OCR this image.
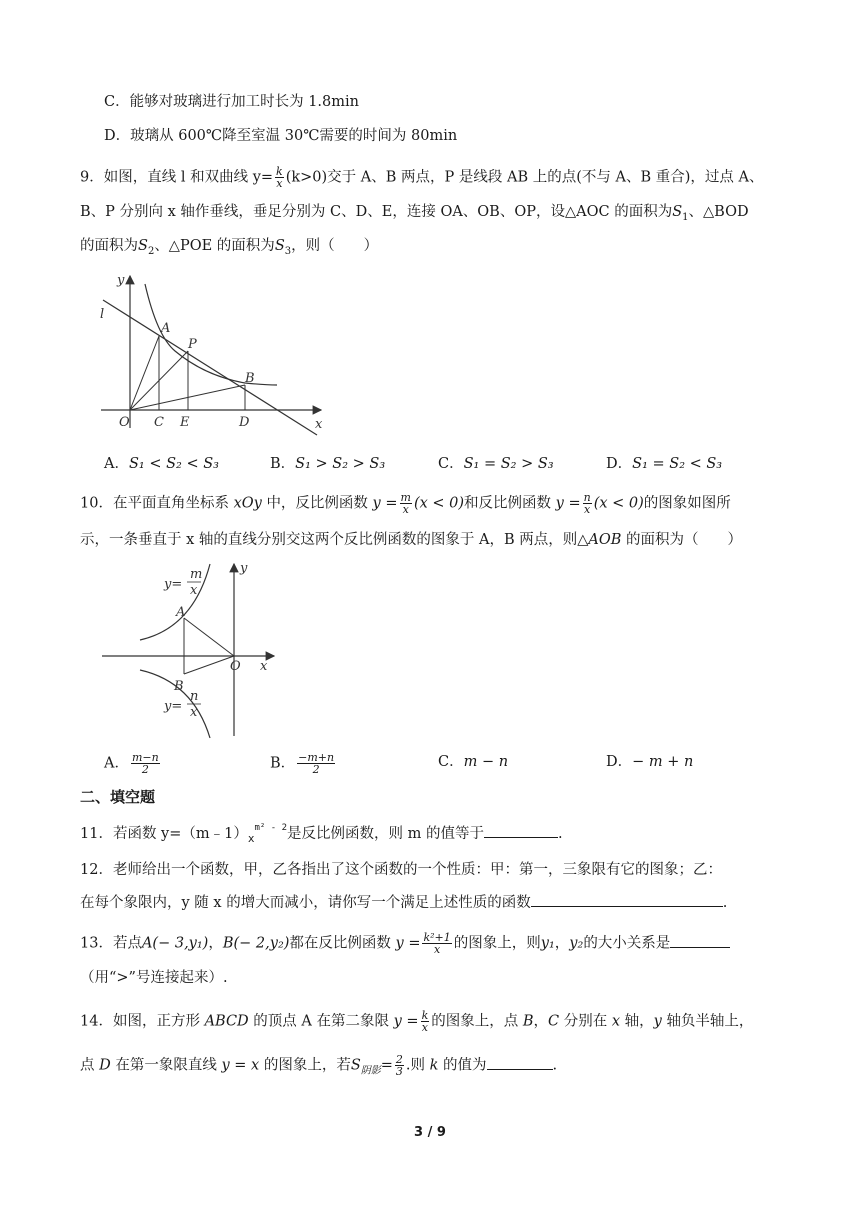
C．能够对玻璃进行加工时长为 1.8min
D．玻璃从 600℃降至室温 30℃需要的时间为 80min
9．如图，直线 l 和双曲线 $y= \frac{k}{x} (k>0)$交于 A、B 两点，P 是线段 AB 上的点(不与 A、B 重合)，过点 A、
B、P 分别向 x 轴作垂线，垂足分别为 C、D、E，连接 OA、OB、OP，设△AOC 的面积为$S_1$、△BOD
的面积为$S_2$、△POE 的面积为$S_3$，则（　　）
y
l
A
P
B
O C E	D	x
A．S₁ < S₂ < S₃	B．S₁ > S₂ > S₃	C．S₁ = S₂ > S₃	D．S₁ = S₂ < S₃
10．在平面直角坐标系 xOy 中，反比例函数 $y = \frac{m}{x} (x < 0)$和反比例函数 $y = \frac{n}{x} (x < 0)$的图象如图所
示，一条垂直于 x 轴的直线分别交这两个反比例函数的图象于 A，B 两点，则△AOB 的面积为（　　）
y
y=
m
x
A
O x
B
y=
n
x
A． $\frac{m-n}{2}$	B． $\frac{-m+n}{2}$	C．m − n	D．− m + n
二、填空题
11．若函数 $y=(m﹣1)_x^{m^2 - 2}$是反比例函数，则 m 的值等于	.
12．老师给出一个函数，甲，乙各指出了这个函数的一个性质：甲：第一，三象限有它的图象；乙：
在每个象限内，y 随 x 的增大而减小，请你写一个满足上述性质的函数	.
13．若点A(− 3,y₁)，B(− 2,y₂)都在反比例函数 $y = \frac{\text{k²+1}}{x}$ 的图象上，则y₁，y₂的大小关系是
（用“>”号连接起来）.
14．如图，正方形 ABCD 的顶点 A 在第二象限 $y = \frac{k}{x}$ 的图象上，点 B，C 分别在 x 轴，y 轴负半轴上，
点 D 在第一象限直线 y = x 的图象上，若$S_{阴影}= \frac{2}{3}$ .则 k 的值为	.
3 / 9
